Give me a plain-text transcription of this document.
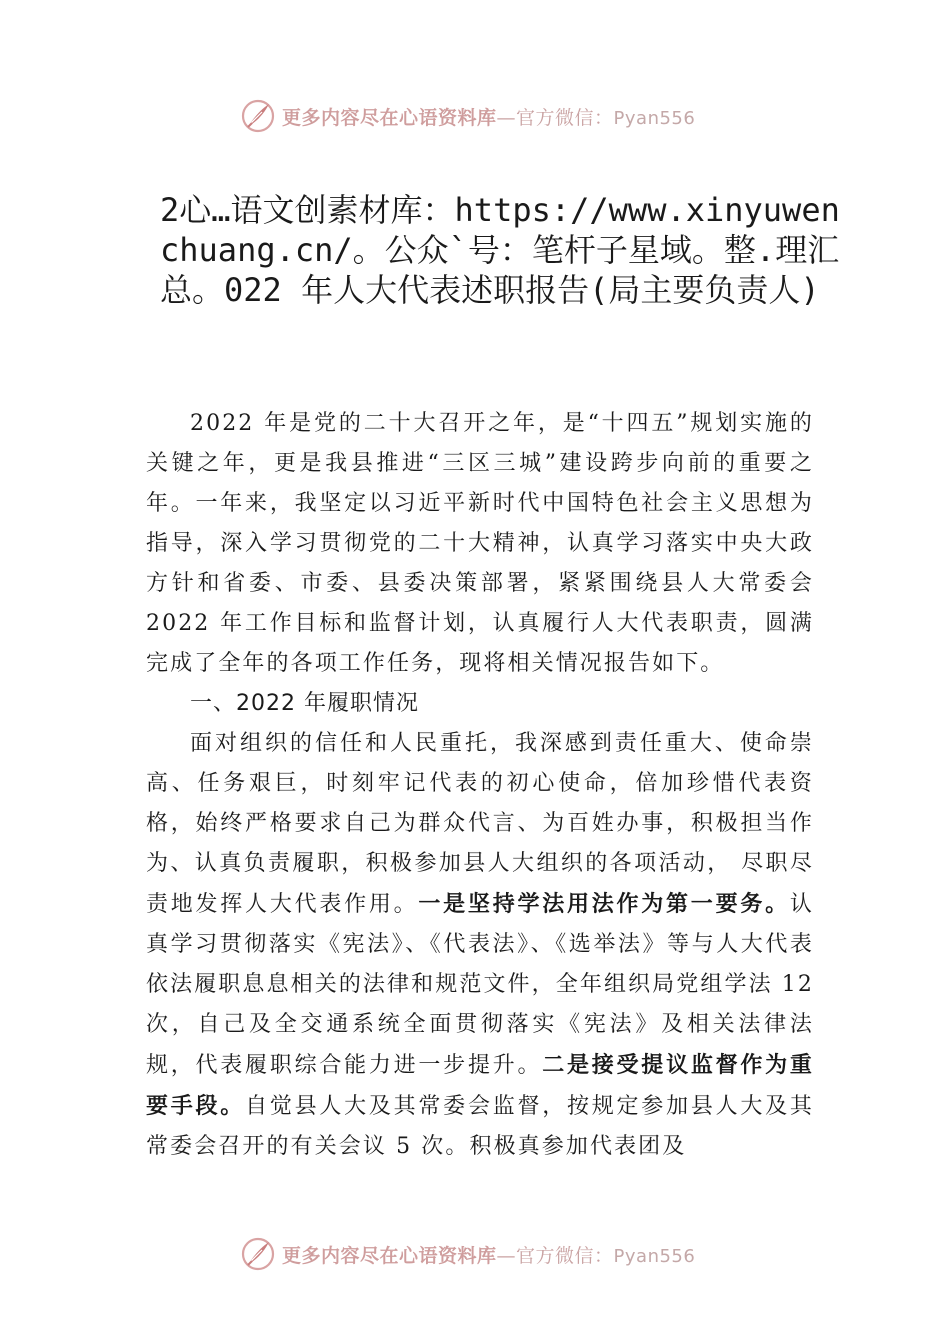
更多内容尽在心语资料库—官方微信：Pyan556
2心…语文创素材库：https://www.xinyuwenchuang.cn/。公众`号：笔杆子星域。整.理汇总。022 年人大代表述职报告(局主要负责人)

2022 年是党的二十大召开之年，是“十四五”规划实施的关键之年，更是我县推进“三区三城”建设跨步向前的重要之年。一年来，我坚定以习近平新时代中国特色社会主义思想为指导，深入学习贯彻党的二十大精神，认真学习落实中央大政方针和省委、市委、县委决策部署，紧紧围绕县人大常委会 2022 年工作目标和监督计划，认真履行人大代表职责，圆满完成了全年的各项工作任务，现将相关情况报告如下。

一、2022 年履职情况

面对组织的信任和人民重托，我深感到责任重大、使命崇高、任务艰巨，时刻牢记代表的初心使命，倍加珍惜代表资格，始终严格要求自己为群众代言、为百姓办事，积极担当作为、认真负责履职，积极参加县人大组织的各项活动， 尽职尽责地发挥人大代表作用。一是坚持学法用法作为第一要务。认真学习贯彻落实《宪法》、《代表法》、《选举法》等与人大代表依法履职息息相关的法律和规范文件，全年组织局党组学法 12 次，自己及全交通系统全面贯彻落实《宪法》及相关法律法规，代表履职综合能力进一步提升。二是接受提议监督作为重要手段。自觉县人大及其常委会监督，按规定参加县人大及其常委会召开的有关会议 5 次。积极真参加代表团及

更多内容尽在心语资料库—官方微信：Pyan556
